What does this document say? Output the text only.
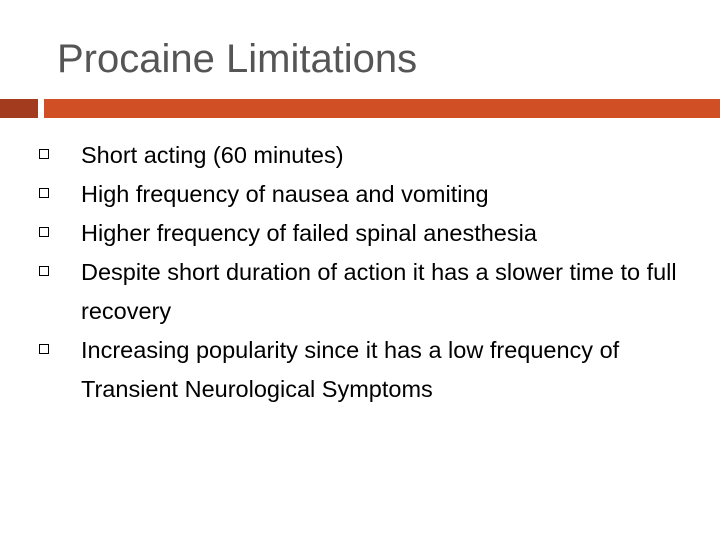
Procaine Limitations
Short acting (60 minutes)
High frequency of nausea and vomiting
Higher frequency of failed spinal anesthesia
Despite short duration of action it has a slower time to full recovery
Increasing popularity since it has a low frequency of Transient Neurological Symptoms
